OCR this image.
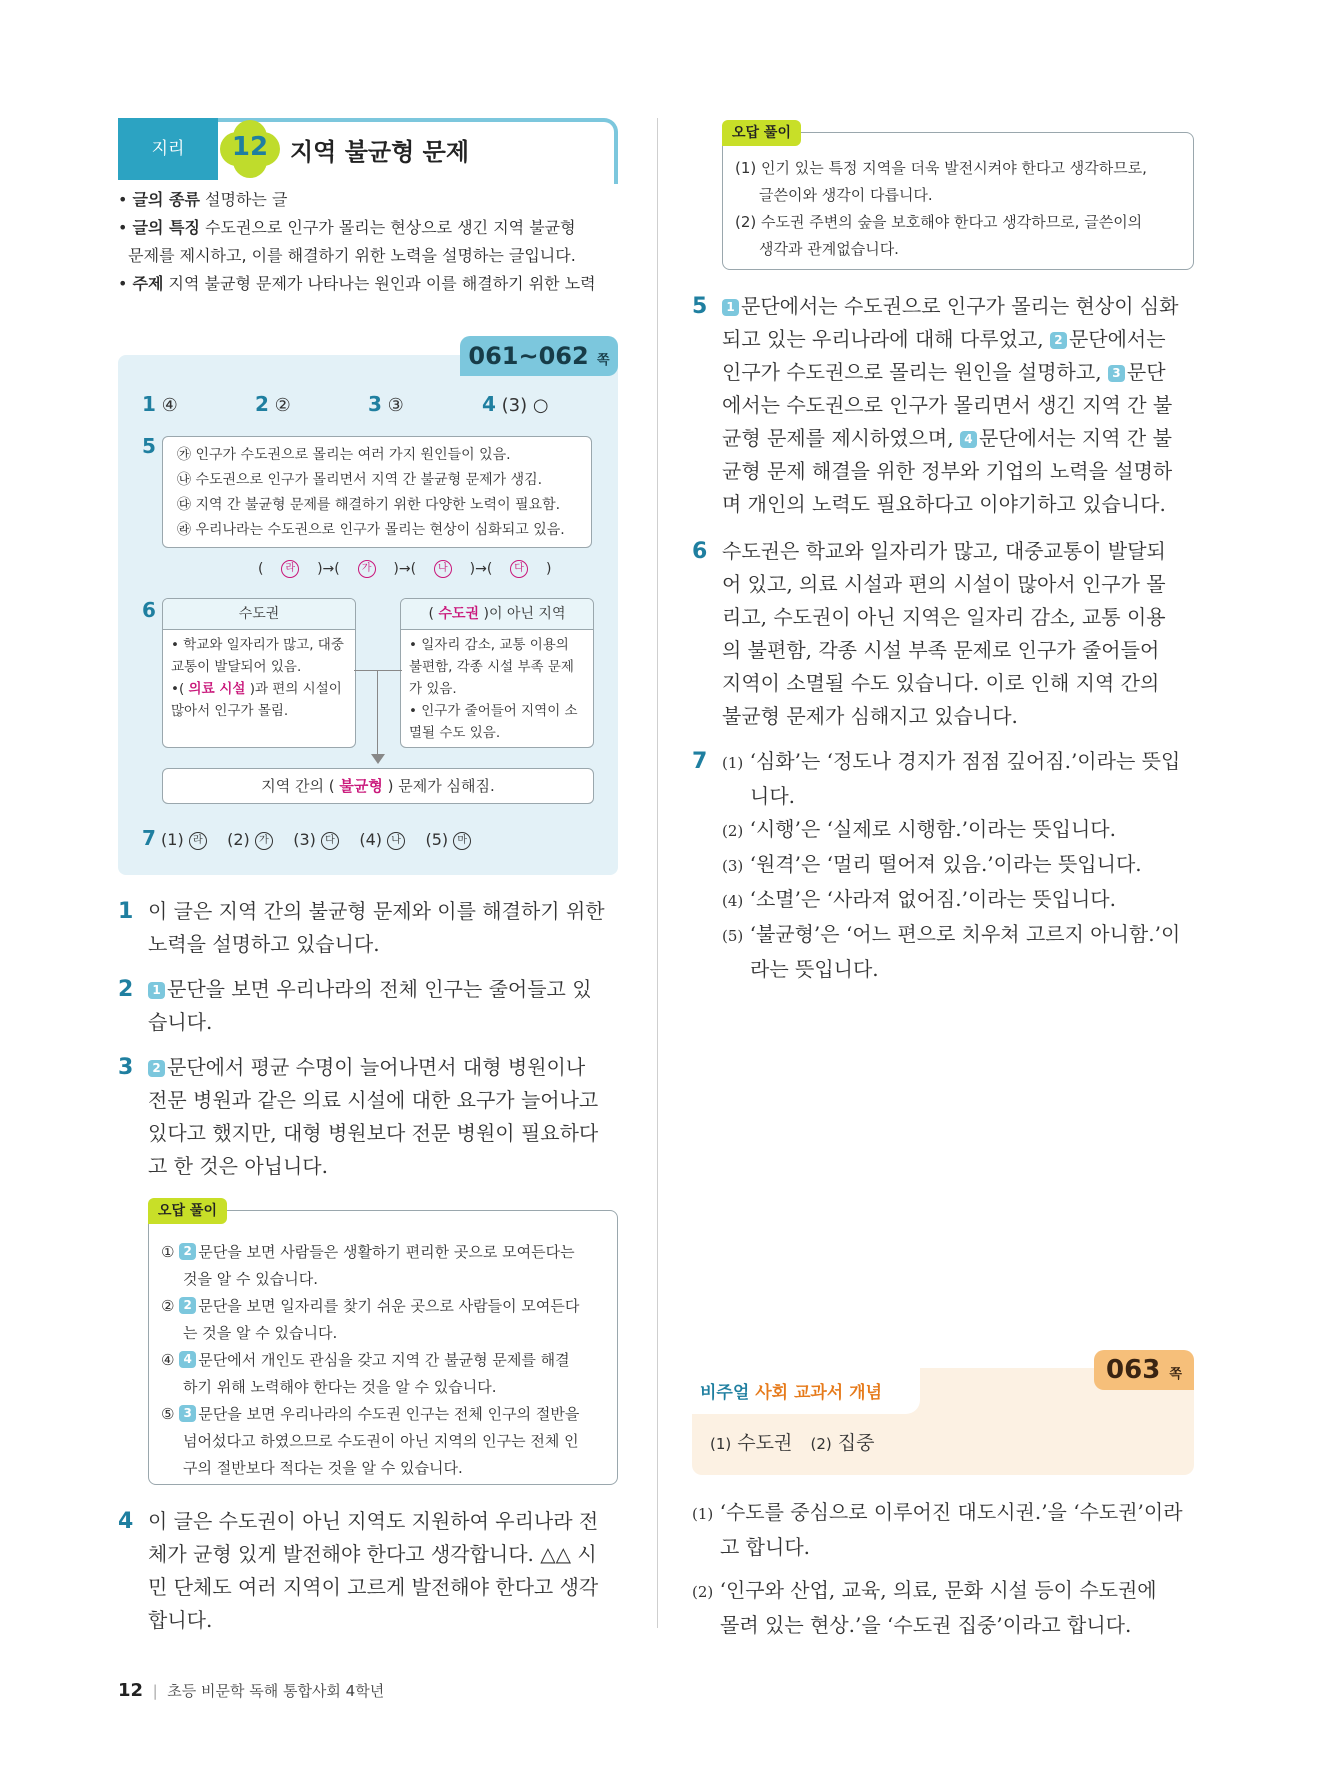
지리	12 지역 불균형 문제
• 글의 종류 설명하는 글
• 글의 특징 수도권으로 인구가 몰리는 현상으로 생긴 지역 불균형
문제를 제시하고, 이를 해결하기 위한 노력을 설명하는 글입니다.
• 주제 지역 불균형 문제가 나타나는 원인과 이를 해결하기 위한 노력
061~062 쪽
1 ④	2 ②	3 ③	4 (3) ○
5 ㉮ 인구가 수도권으로 몰리는 여러 가지 원인들이 있음.
㉯ 수도권으로 인구가 몰리면서 지역 간 불균형 문제가 생김.
㉰ 지역 간 불균형 문제를 해결하기 위한 다양한 노력이 필요함.
㉱ 우리나라는 수도권으로 인구가 몰리는 현상이 심화되고 있음.
( 라 )→( 가 )→( 나 )→( 다 )
6	수도권
• 학교와 일자리가 많고, 대중교통이 발달되어 있음.
•( 의료 시설 )과 편의 시설이 많아서 인구가 몰림.
( 수도권 )이 아닌 지역
• 일자리 감소, 교통 이용의 불편함, 각종 시설 부족 문제가 있음.
• 인구가 줄어들어 지역이 소멸될 수도 있음.
지역 간의 ( 불균형 ) 문제가 심해짐.
7 (1) 라 (2) 가 (3) 다 (4) 나 (5) 마
1 이 글은 지역 간의 불균형 문제와 이를 해결하기 위한
노력을 설명하고 있습니다.
2	1 문단을 보면 우리나라의 전체 인구는 줄어들고 있
습니다.
3	2 문단에서 평균 수명이 늘어나면서 대형 병원이나
전문 병원과 같은 의료 시설에 대한 요구가 늘어나고
있다고 했지만, 대형 병원보다 전문 병원이 필요하다
고 한 것은 아닙니다.
① 2 문단을 보면 사람들은 생활하기 편리한 곳으로 모여든다는
것을 알 수 있습니다.
② 2 문단을 보면 일자리를 찾기 쉬운 곳으로 사람들이 모여든다
는 것을 알 수 있습니다.
④ 4 문단에서 개인도 관심을 갖고 지역 간 불균형 문제를 해결
하기 위해 노력해야 한다는 것을 알 수 있습니다.
⑤ 3 문단을 보면 우리나라의 수도권 인구는 전체 인구의 절반을
넘어섰다고 하였으므로 수도권이 아닌 지역의 인구는 전체 인
구의 절반보다 적다는 것을 알 수 있습니다.
오답 풀이
4 이 글은 수도권이 아닌 지역도 지원하여 우리나라 전
체가 균형 있게 발전해야 한다고 생각합니다. △△ 시
민 단체도 여러 지역이 고르게 발전해야 한다고 생각
합니다.
(1) 인기 있는 특정 지역을 더욱 발전시켜야 한다고 생각하므로,
글쓴이와 생각이 다릅니다.
(2) 수도권 주변의 숲을 보호해야 한다고 생각하므로, 글쓴이의
생각과 관계없습니다.
오답 풀이
5	1 문단에서는 수도권으로 인구가 몰리는 현상이 심화
되고 있는 우리나라에 대해 다루었고, 2 문단에서는
인구가 수도권으로 몰리는 원인을 설명하고, 3 문단
에서는 수도권으로 인구가 몰리면서 생긴 지역 간 불
균형 문제를 제시하였으며, 4 문단에서는 지역 간 불
균형 문제 해결을 위한 정부와 기업의 노력을 설명하
며 개인의 노력도 필요하다고 이야기하고 있습니다.
6 수도권은 학교와 일자리가 많고, 대중교통이 발달되
어 있고, 의료 시설과 편의 시설이 많아서 인구가 몰
리고, 수도권이 아닌 지역은 일자리 감소, 교통 이용
의 불편함, 각종 시설 부족 문제로 인구가 줄어들어
지역이 소멸될 수도 있습니다. 이로 인해 지역 간의
불균형 문제가 심해지고 있습니다.
7 (1) ‘심화’는 ‘정도나 경지가 점점 깊어짐.’이라는 뜻입
니다.
(2) ‘시행’은 ‘실제로 시행함.’이라는 뜻입니다.
(3) ‘원격’은 ‘멀리 떨어져 있음.’이라는 뜻입니다.
(4) ‘소멸’은 ‘사라져 없어짐.’이라는 뜻입니다.
(5) ‘불균형’은 ‘어느 편으로 치우쳐 고르지 아니함.’이
라는 뜻입니다.
비주얼 사회 교과서 개념
063 쪽
(1) 수도권 (2) 집중
(1) ‘수도를 중심으로 이루어진 대도시권.’을 ‘수도권’이라
고 합니다.
(2) ‘인구와 산업, 교육, 의료, 문화 시설 등이 수도권에
몰려 있는 현상.’을 ‘수도권 집중’이라고 합니다.
12 | 초등 비문학 독해 통합사회 4학년
